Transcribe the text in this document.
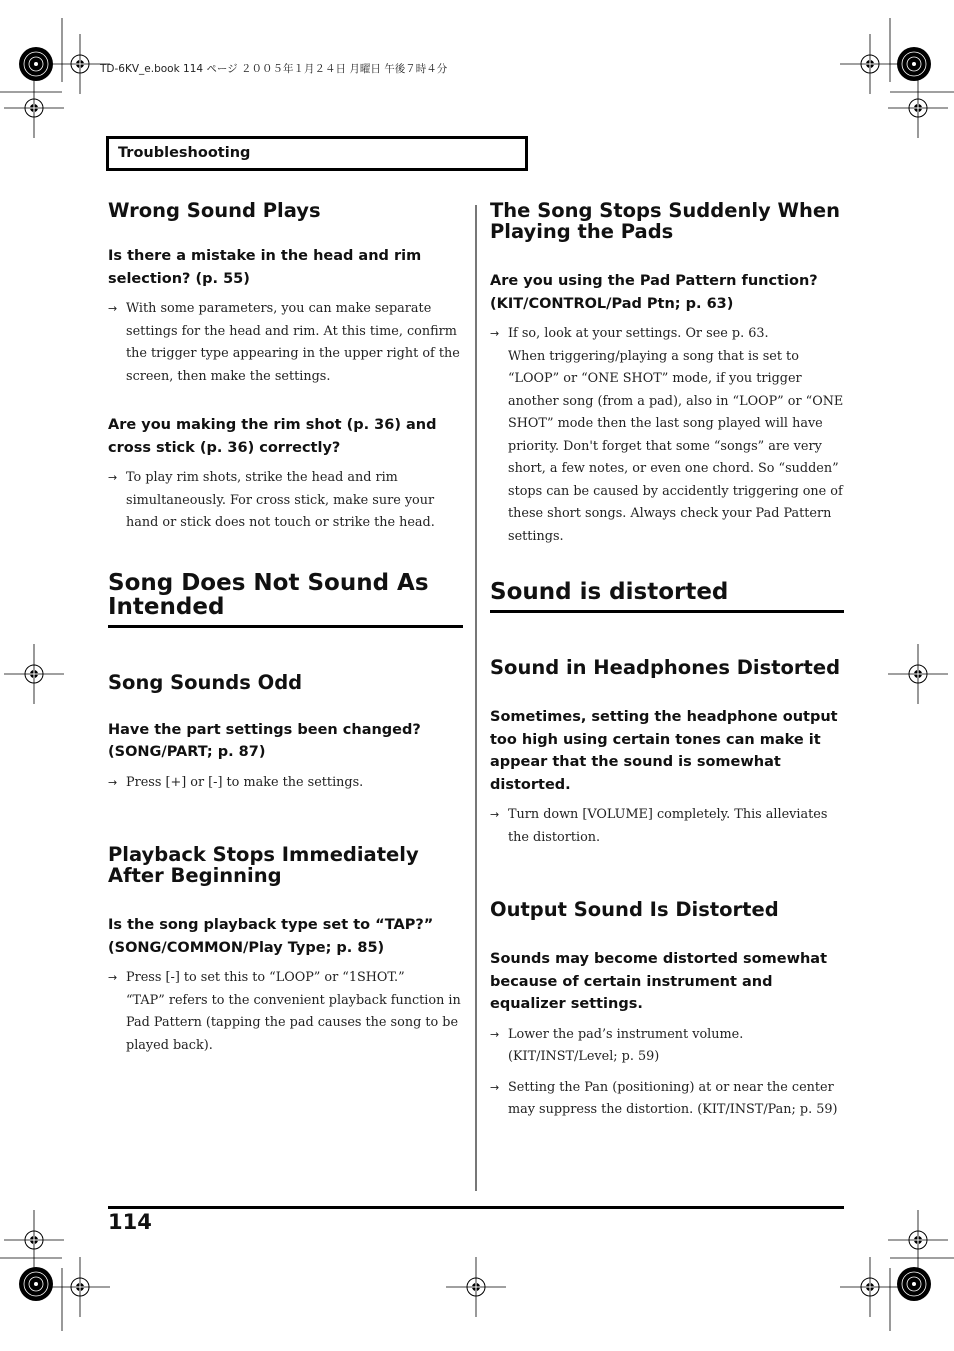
TD-6KV_e.book 114 ページ ２００５年１月２４日 月曜日 午後７時４分
Troubleshooting
Wrong Sound Plays

Is there a mistake in the head and rim selection? (p. 55)

→ With some parameters, you can make separate settings for the head and rim. At this time, confirm the trigger type appearing in the upper right of the screen, then make the settings.

Are you making the rim shot (p. 36) and cross stick (p. 36) correctly?

→ To play rim shots, strike the head and rim simultaneously. For cross stick, make sure your hand or stick does not touch or strike the head.

Song Does Not Sound As Intended
Song Sounds Odd

Have the part settings been changed? (SONG/PART; p. 87)

→ Press [+] or [-] to make the settings.

Playback Stops Immediately After Beginning

Is the song playback type set to “TAP?” (SONG/COMMON/Play Type; p. 85)

→ Press [-] to set this to “LOOP” or “1SHOT.”

“TAP” refers to the convenient playback function in Pad Pattern (tapping the pad causes the song to be played back).

The Song Stops Suddenly When Playing the Pads

Are you using the Pad Pattern function? (KIT/CONTROL/Pad Ptn; p. 63)

→ If so, look at your settings. Or see p. 63.

When triggering/playing a song that is set to “LOOP” or “ONE SHOT” mode, if you trigger another song (from a pad), also in “LOOP” or “ONE SHOT” mode then the last song played will have priority. Don't forget that some “songs” are very short, a few notes, or even one chord. So “sudden” stops can be caused by accidently triggering one of these short songs. Always check your Pad Pattern settings.

Sound is distorted
Sound in Headphones Distorted

Sometimes, setting the headphone output too high using certain tones can make it appear that the sound is somewhat distorted.

→ Turn down [VOLUME] completely. This alleviates the distortion.

Output Sound Is Distorted

Sounds may become distorted somewhat because of certain instrument and equalizer settings.

→ Lower the pad’s instrument volume.

(KIT/INST/Level; p. 59)

→ Setting the Pan (positioning) at or near the center may suppress the distortion. (KIT/INST/Pan; p. 59)

114
